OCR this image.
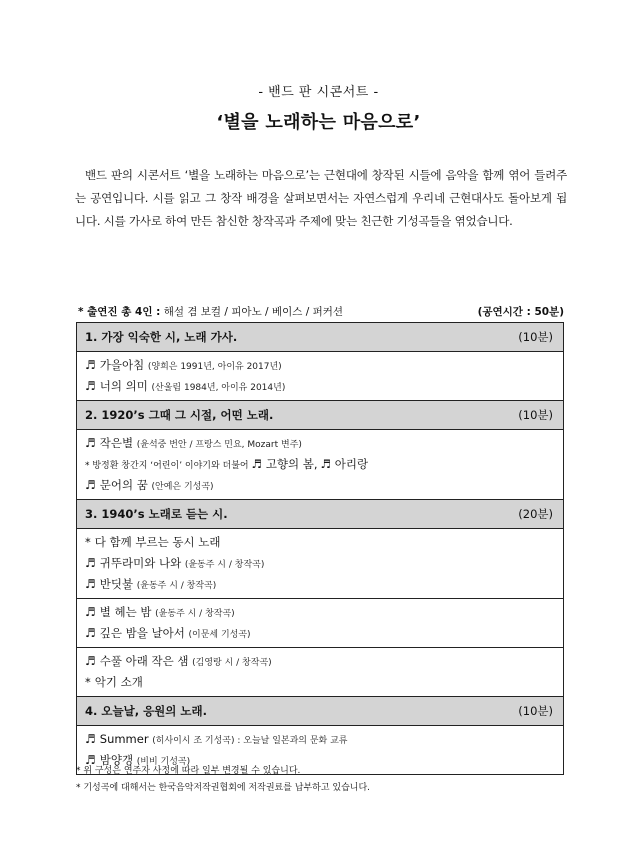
- 밴드 판 시콘서트 -
‘별을 노래하는 마음으로’
밴드 판의 시콘서트 ‘별을 노래하는 마음으로’는 근현대에 창작된 시들에 음악을 함께 엮어 들려주는 공연입니다. 시를 읽고 그 창작 배경을 살펴보면서는 자연스럽게 우리네 근현대사도 돌아보게 됩니다. 시를 가사로 하여 만든 참신한 창작곡과 주제에 맞는 친근한 기성곡들을 엮었습니다.
* 출연진 총 4인 : 해설 겸 보컬 / 피아노 / 베이스 / 퍼커션	(공연시간 : 50분)
1. 가장 익숙한 시, 노래 가사.	(10분)
♬ 가을아침 (양희은 1991년, 아이유 2017년)
♬ 너의 의미 (산울림 1984년, 아이유 2014년)
2. 1920’s 그때 그 시절, 어떤 노래.	(10분)
♬ 작은별 (윤석중 번안 / 프랑스 민요, Mozart 변주)
* 방정환 창간지 ‘어린이’ 이야기와 더불어 ♬ 고향의 봄, ♬ 아리랑
♬ 문어의 꿈 (안예은 기성곡)
3. 1940’s 노래로 듣는 시.	(20분)
* 다 함께 부르는 동시 노래
♬ 귀뚜라미와 나와 (윤동주 시 / 창작곡)
♬ 반딧불 (윤동주 시 / 창작곡)
♬ 별 헤는 밤 (윤동주 시 / 창작곡)
♬ 깊은 밤을 날아서 (이문세 기성곡)
♬ 수풀 아래 작은 샘 (김영랑 시 / 창작곡)
* 악기 소개
4. 오늘날, 응원의 노래.	(10분)
♬ Summer (히사이시 조 기성곡) : 오늘날 일본과의 문화 교류
♬ 밤양갱 (비비 기성곡)
* 위 구성은 연주자 사정에 따라 일부 변경될 수 있습니다.
* 기성곡에 대해서는 한국음악저작권협회에 저작권료를 납부하고 있습니다.
